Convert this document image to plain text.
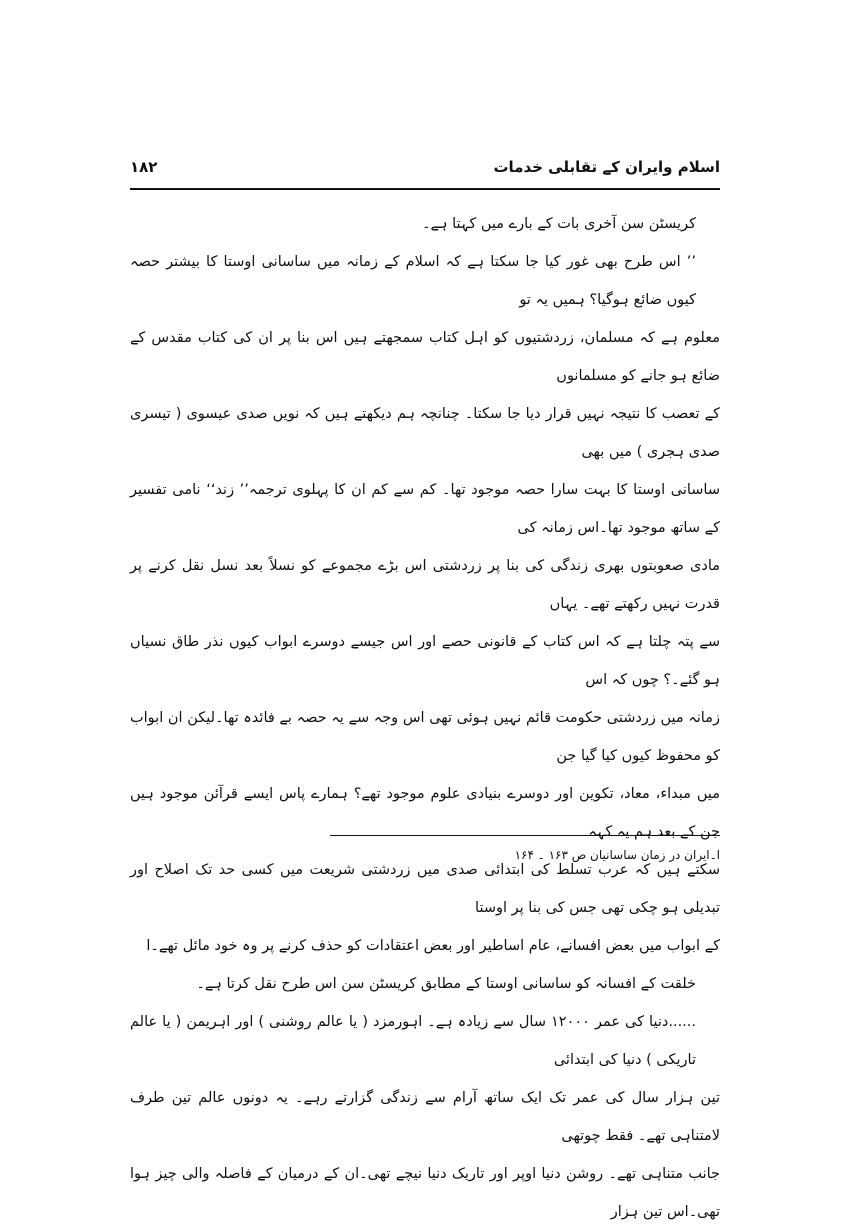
اسلام وایران کے تقابلی خدمات
۱۸۲

کریسٹن سن آخری بات کے بارے میں کہتا ہے۔

’’ اس طرح بھی غور کیا جا سکتا ہے کہ اسلام کے زمانہ میں ساسانی اوستا کا بیشتر حصہ کیوں ضائع ہوگیا؟ ہمیں یہ تو

معلوم ہے کہ مسلمان، زردشتیوں کو اہل کتاب سمجھتے ہیں اس بنا پر ان کی کتاب مقدس کے ضائع ہو جانے کو مسلمانوں

کے تعصب کا نتیجہ نہیں قرار دیا جا سکتا۔ چنانچہ ہم دیکھتے ہیں کہ نویں صدی عیسوی ( تیسری صدی ہجری ) میں بھی

ساسانی اوستا کا بہت سارا حصہ موجود تھا۔ کم سے کم ان کا پہلوی ترجمہ’’ زند‘‘ نامی تفسیر کے ساتھ موجود تھا۔اس زمانہ کی

مادی صعوبتوں بھری زندگی کی بنا پر زردشتی اس بڑے مجموعے کو نسلاً بعد نسل نقل کرنے پر قدرت نہیں رکھتے تھے۔ یہاں

سے پتہ چلتا ہے کہ اس کتاب کے قانونی حصے اور اس جیسے دوسرے ابواب کیوں نذر طاق نسیاں ہو گئے۔؟ چوں کہ اس

زمانہ میں زردشتی حکومت قائم نہیں ہوئی تھی اس وجہ سے یہ حصہ بے فائدہ تھا۔لیکن ان ابواب کو محفوظ کیوں کیا گیا جن

میں مبداء، معاد، تکوین اور دوسرے بنیادی علوم موجود تھے؟ ہمارے پاس ایسے قرآئن موجود ہیں جن کے بعد ہم یہ کہہ

سکتے ہیں کہ عرب تسلط کی ابتدائی صدی میں زردشتی شریعت میں کسی حد تک اصلاح اور تبدیلی ہو چکی تھی جس کی بنا پر اوستا

کے ابواب میں بعض افسانے، عام اساطیر اور بعض اعتقادات کو حذف کرنے پر وہ خود مائل تھے۔ا

خلقت کے افسانہ کو ساسانی اوستا کے مطابق کریسٹن سن اس طرح نقل کرتا ہے۔

......دنیا کی عمر ۱۲۰۰۰ سال سے زیادہ ہے۔ اہورمزد ( یا عالم روشنی ) اور اہریمن ( یا عالم تاریکی ) دنیا کی ابتدائی

تین ہزار سال کی عمر تک ایک ساتھ آرام سے زندگی گزارتے رہے۔ یہ دونوں عالم تین طرف لامتناہی تھے۔ فقط چوتھی

جانب متناہی تھے۔ روشن دنیا اوپر اور تاریک دنیا نیچے تھی۔ان کے درمیان کے فاصلہ والی چیز ہوا تھی۔اس تین ہزار

ا۔ایران در زمان ساسانیان ص ۱۶۳ ۔ ۱۶۴
